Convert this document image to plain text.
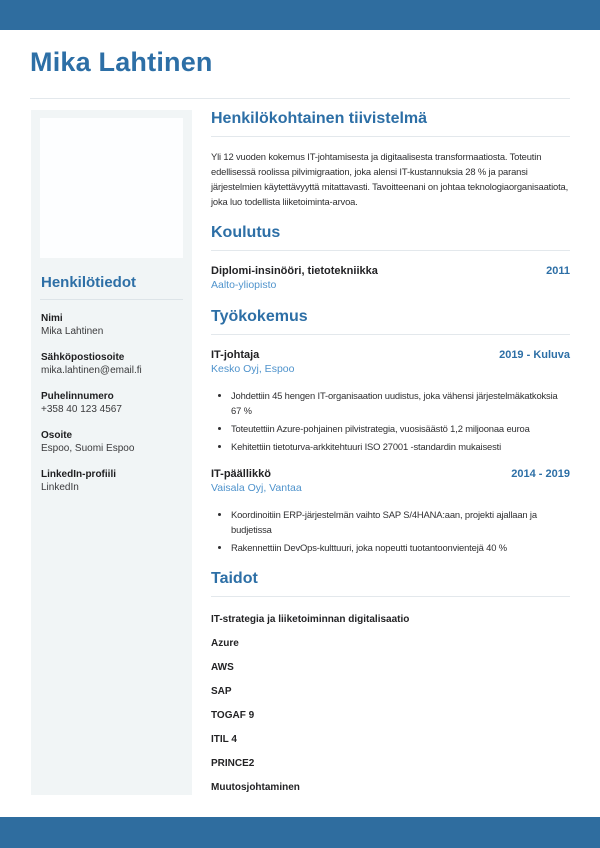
Mika Lahtinen
Henkilötiedot
Nimi
Mika Lahtinen
Sähköpostiosoite
mika.lahtinen@email.fi
Puhelinnumero
+358 40 123 4567
Osoite
Espoo, Suomi Espoo
LinkedIn-profiili
LinkedIn
Henkilökohtainen tiivistelmä

Yli 12 vuoden kokemus IT-johtamisesta ja digitaalisesta transformaatiosta. Toteutin edellisessä roolissa pilvimigraation, joka alensi IT-kustannuksia 28 % ja paransi järjestelmien käytettävyyttä mitattavasti. Tavoitteenani on johtaa teknologiaorganisaatiota, joka luo todellista liiketoiminta-arvoa.

Koulutus
Diplomi-insinööri, tietotekniikka	2011
Aalto-yliopisto
Työkokemus
IT-johtaja	2019 - Kuluva
Kesko Oyj, Espoo
• Johdettiin 45 hengen IT-organisaation uudistus, joka vähensi järjestelmäkatkoksia 67 %
• Toteutettiin Azure-pohjainen pilvistrategia, vuosisäästö 1,2 miljoonaa euroa
• Kehitettiin tietoturva-arkkitehtuuri ISO 27001 -standardin mukaisesti
IT-päällikkö	2014 - 2019
Vaisala Oyj, Vantaa
• Koordinoitiin ERP-järjestelmän vaihto SAP S/4HANA:aan, projekti ajallaan ja budjetissa
• Rakennettiin DevOps-kulttuuri, joka nopeutti tuotantoonvientejä 40 %
Taidot
IT-strategia ja liiketoiminnan digitalisaatio
Azure
AWS
SAP
TOGAF 9
ITIL 4
PRINCE2
Muutosjohtaminen
